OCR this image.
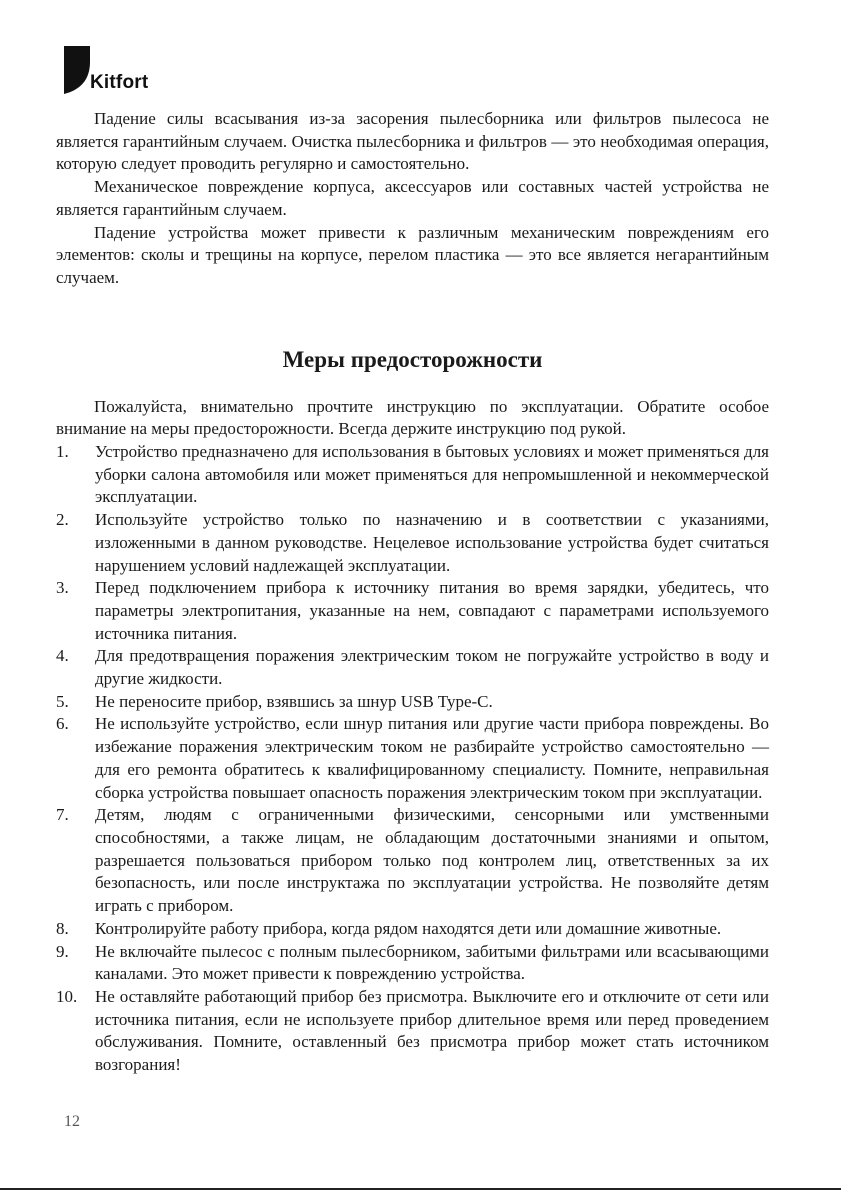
Kitfort

Падение силы всасывания из-за засорения пылесборника или фильтров пылесоса не является гарантийным случаем. Очистка пылесборника и фильтров — это необходимая операция, которую следует проводить регулярно и самостоятельно.

Механическое повреждение корпуса, аксессуаров или составных частей устройства не является гарантийным случаем.

Падение устройства может привести к различным механическим повреждениям его элементов: сколы и трещины на корпусе, перелом пластика — это все является негарантийным случаем.

Меры предосторожности

Пожалуйста, внимательно прочтите инструкцию по эксплуатации. Обратите особое внимание на меры предосторожности. Всегда держите инструкцию под рукой.

1. Устройство предназначено для использования в бытовых условиях и может применяться для уборки салона автомобиля или может применяться для непромышленной и некоммерческой эксплуатации.
2. Используйте устройство только по назначению и в соответствии с указаниями, изложенными в данном руководстве. Нецелевое использование устройства будет считаться нарушением условий надлежащей эксплуатации.
3. Перед подключением прибора к источнику питания во время зарядки, убедитесь, что параметры электропитания, указанные на нем, совпадают с параметрами используемого источника питания.
4. Для предотвращения поражения электрическим током не погружайте устройство в воду и другие жидкости.
5. Не переносите прибор, взявшись за шнур USB Type-C.
6. Не используйте устройство, если шнур питания или другие части прибора повреждены. Во избежание поражения электрическим током не разбирайте устройство самостоятельно — для его ремонта обратитесь к квалифицированному специалисту. Помните, неправильная сборка устройства повышает опасность поражения электрическим током при эксплуатации.
7. Детям, людям с ограниченными физическими, сенсорными или умственными способностями, а также лицам, не обладающим достаточными знаниями и опытом, разрешается пользоваться прибором только под контролем лиц, ответственных за их безопасность, или после инструктажа по эксплуатации устройства. Не позволяйте детям играть с прибором.
8. Контролируйте работу прибора, когда рядом находятся дети или домашние животные.
9. Не включайте пылесос с полным пылесборником, забитыми фильтрами или всасывающими каналами. Это может привести к повреждению устройства.
10. Не оставляйте работающий прибор без присмотра. Выключите его и отключите от сети или источника питания, если не используете прибор длительное время или перед проведением обслуживания. Помните, оставленный без присмотра прибор может стать источником возгорания!
12
